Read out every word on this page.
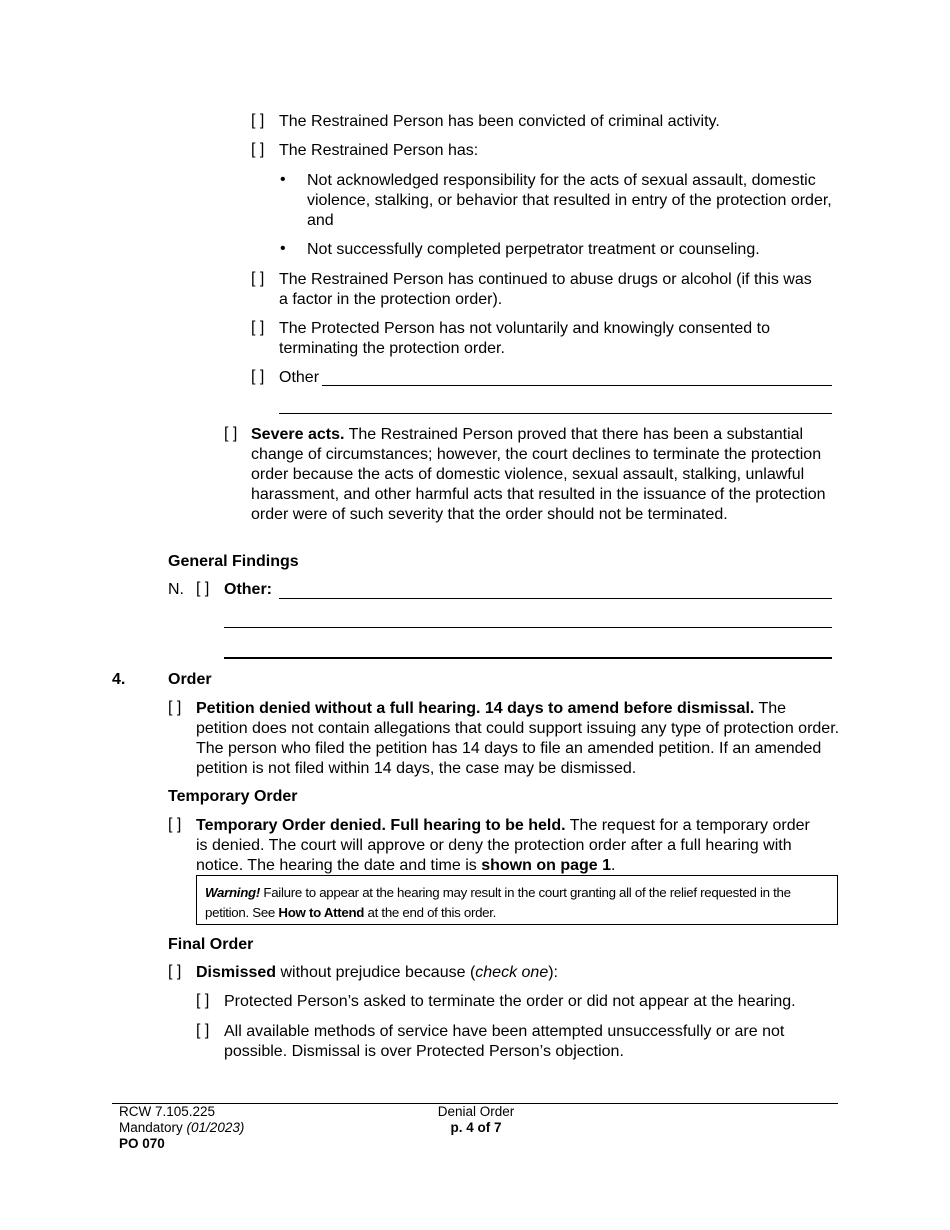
[ ] The Restrained Person has been convicted of criminal activity.
[ ] The Restrained Person has:
• Not acknowledged responsibility for the acts of sexual assault, domestic violence, stalking, or behavior that resulted in entry of the protection order, and
• Not successfully completed perpetrator treatment or counseling.
[ ] The Restrained Person has continued to abuse drugs or alcohol (if this was a factor in the protection order).
[ ] The Protected Person has not voluntarily and knowingly consented to terminating the protection order.
[ ] Other
[ ] Severe acts. The Restrained Person proved that there has been a substantial change of circumstances; however, the court declines to terminate the protection order because the acts of domestic violence, sexual assault, stalking, unlawful harassment, and other harmful acts that resulted in the issuance of the protection order were of such severity that the order should not be terminated.
General Findings
N. [ ] Other:
4.	Order
[ ] Petition denied without a full hearing. 14 days to amend before dismissal. The petition does not contain allegations that could support issuing any type of protection order. The person who filed the petition has 14 days to file an amended petition. If an amended petition is not filed within 14 days, the case may be dismissed.
Temporary Order
[ ] Temporary Order denied. Full hearing to be held. The request for a temporary order is denied. The court will approve or deny the protection order after a full hearing with notice. The hearing the date and time is shown on page 1.
Warning! Failure to appear at the hearing may result in the court granting all of the relief requested in the petition. See How to Attend at the end of this order.
Final Order
[ ] Dismissed without prejudice because (check one):
[ ] Protected Person’s asked to terminate the order or did not appear at the hearing.
[ ] All available methods of service have been attempted unsuccessfully or are not possible. Dismissal is over Protected Person’s objection.
RCW 7.105.225
Mandatory (01/2023)
PO 070
Denial Order
p. 4 of 7
